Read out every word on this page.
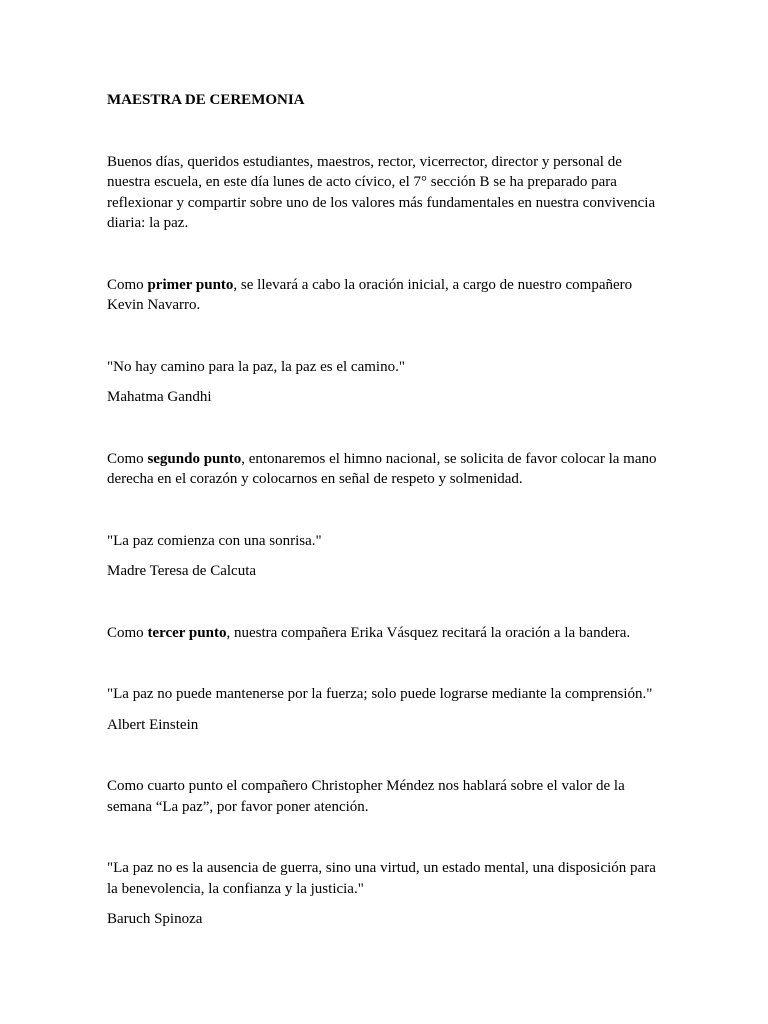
MAESTRA DE CEREMONIA

Buenos días, queridos estudiantes, maestros, rector, vicerrector, director y personal de nuestra escuela, en este día lunes de acto cívico, el 7° sección B se ha preparado para reflexionar y compartir sobre uno de los valores más fundamentales en nuestra convivencia diaria: la paz.

Como primer punto, se llevará a cabo la oración inicial, a cargo de nuestro compañero Kevin Navarro.

"No hay camino para la paz, la paz es el camino."

Mahatma Gandhi

Como segundo punto, entonaremos el himno nacional, se solicita de favor colocar la mano derecha en el corazón y colocarnos en señal de respeto y solmenidad.

"La paz comienza con una sonrisa."

Madre Teresa de Calcuta

Como tercer punto, nuestra compañera Erika Vásquez recitará la oración a la bandera.

"La paz no puede mantenerse por la fuerza; solo puede lograrse mediante la comprensión."

Albert Einstein

Como cuarto punto el compañero Christopher Méndez nos hablará sobre el valor de la semana “La paz”, por favor poner atención.

"La paz no es la ausencia de guerra, sino una virtud, un estado mental, una disposición para la benevolencia, la confianza y la justicia."

Baruch Spinoza
